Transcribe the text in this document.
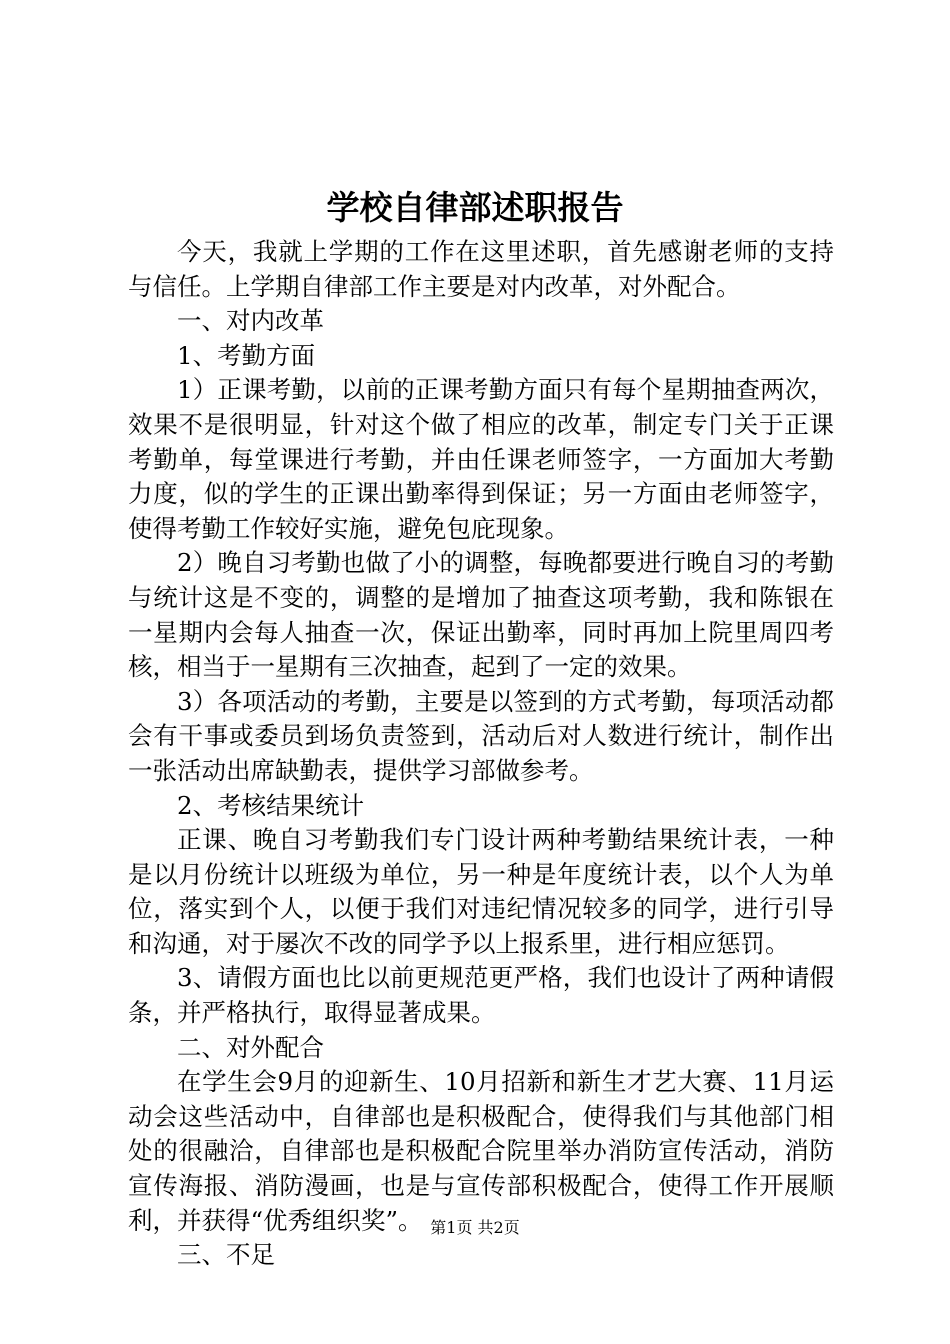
学校自律部述职报告

今天，我就上学期的工作在这里述职，首先感谢老师的支持与信任。上学期自律部工作主要是对内改革，对外配合。

一、对内改革

1、考勤方面

1）正课考勤，以前的正课考勤方面只有每个星期抽查两次，效果不是很明显，针对这个做了相应的改革，制定专门关于正课考勤单，每堂课进行考勤，并由任课老师签字，一方面加大考勤力度，似的学生的正课出勤率得到保证；另一方面由老师签字，使得考勤工作较好实施，避免包庇现象。

2）晚自习考勤也做了小的调整，每晚都要进行晚自习的考勤与统计这是不变的，调整的是增加了抽查这项考勤，我和陈银在一星期内会每人抽查一次，保证出勤率，同时再加上院里周四考核，相当于一星期有三次抽查，起到了一定的效果。

3）各项活动的考勤，主要是以签到的方式考勤，每项活动都会有干事或委员到场负责签到，活动后对人数进行统计，制作出一张活动出席缺勤表，提供学习部做参考。

2、考核结果统计

正课、晚自习考勤我们专门设计两种考勤结果统计表，一种是以月份统计以班级为单位，另一种是年度统计表，以个人为单位，落实到个人，以便于我们对违纪情况较多的同学，进行引导和沟通，对于屡次不改的同学予以上报系里，进行相应惩罚。

3、请假方面也比以前更规范更严格，我们也设计了两种请假条，并严格执行，取得显著成果。

二、对外配合

在学生会9月的迎新生、10月招新和新生才艺大赛、11月运动会这些活动中，自律部也是积极配合，使得我们与其他部门相处的很融洽，自律部也是积极配合院里举办消防宣传活动，消防宣传海报、消防漫画，也是与宣传部积极配合，使得工作开展顺利，并获得“优秀组织奖”。

三、不足

第1页 共2页
